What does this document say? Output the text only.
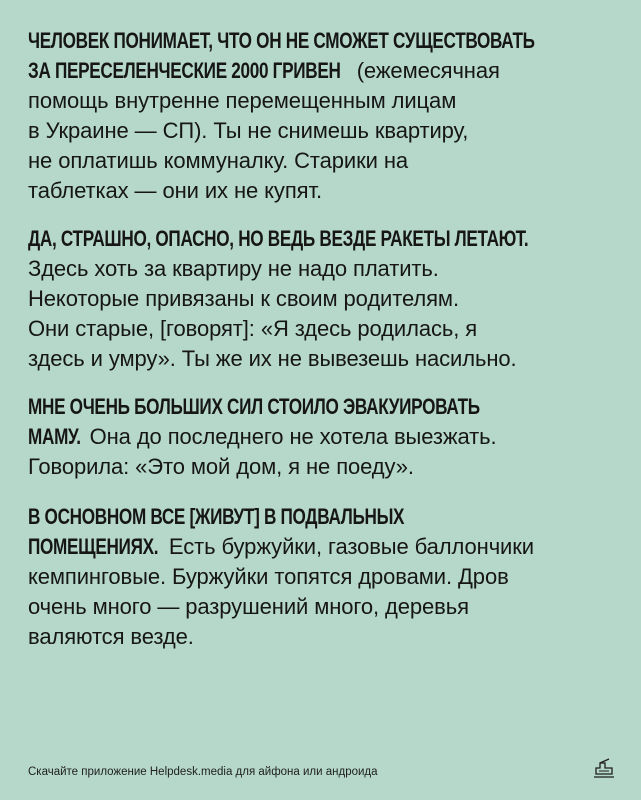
ЧЕЛОВЕК ПОНИМАЕТ, ЧТО ОН НЕ СМОЖЕТ СУЩЕСТВОВАТЬ
ЗА ПЕРЕСЕЛЕНЧЕСКИЕ 2000 ГРИВЕН (ежемесячная
помощь внутренне перемещенным лицам
в Украине — СП). Ты не снимешь квартиру,
не оплатишь коммуналку. Старики на
таблетках — они их не купят.
ДА, СТРАШНО, ОПАСНО, НО ВЕДЬ ВЕЗДЕ РАКЕТЫ ЛЕТАЮТ.
Здесь хоть за квартиру не надо платить.
Некоторые привязаны к своим родителям.
Они старые, [говорят]: «Я здесь родилась, я
здесь и умру». Ты же их не вывезешь насильно.
МНЕ ОЧЕНЬ БОЛЬШИХ СИЛ СТОИЛО ЭВАКУИРОВАТЬ
МАМУ. Она до последнего не хотела выезжать.
Говорила: «Это мой дом, я не поеду».
В ОСНОВНОМ ВСЕ [ЖИВУТ] В ПОДВАЛЬНЫХ
ПОМЕЩЕНИЯХ. Есть буржуйки, газовые баллончики
кемпинговые. Буржуйки топятся дровами. Дров
очень много — разрушений много, деревья
валяются везде.
Скачайте приложение Helpdesk.media для айфона или андроида
